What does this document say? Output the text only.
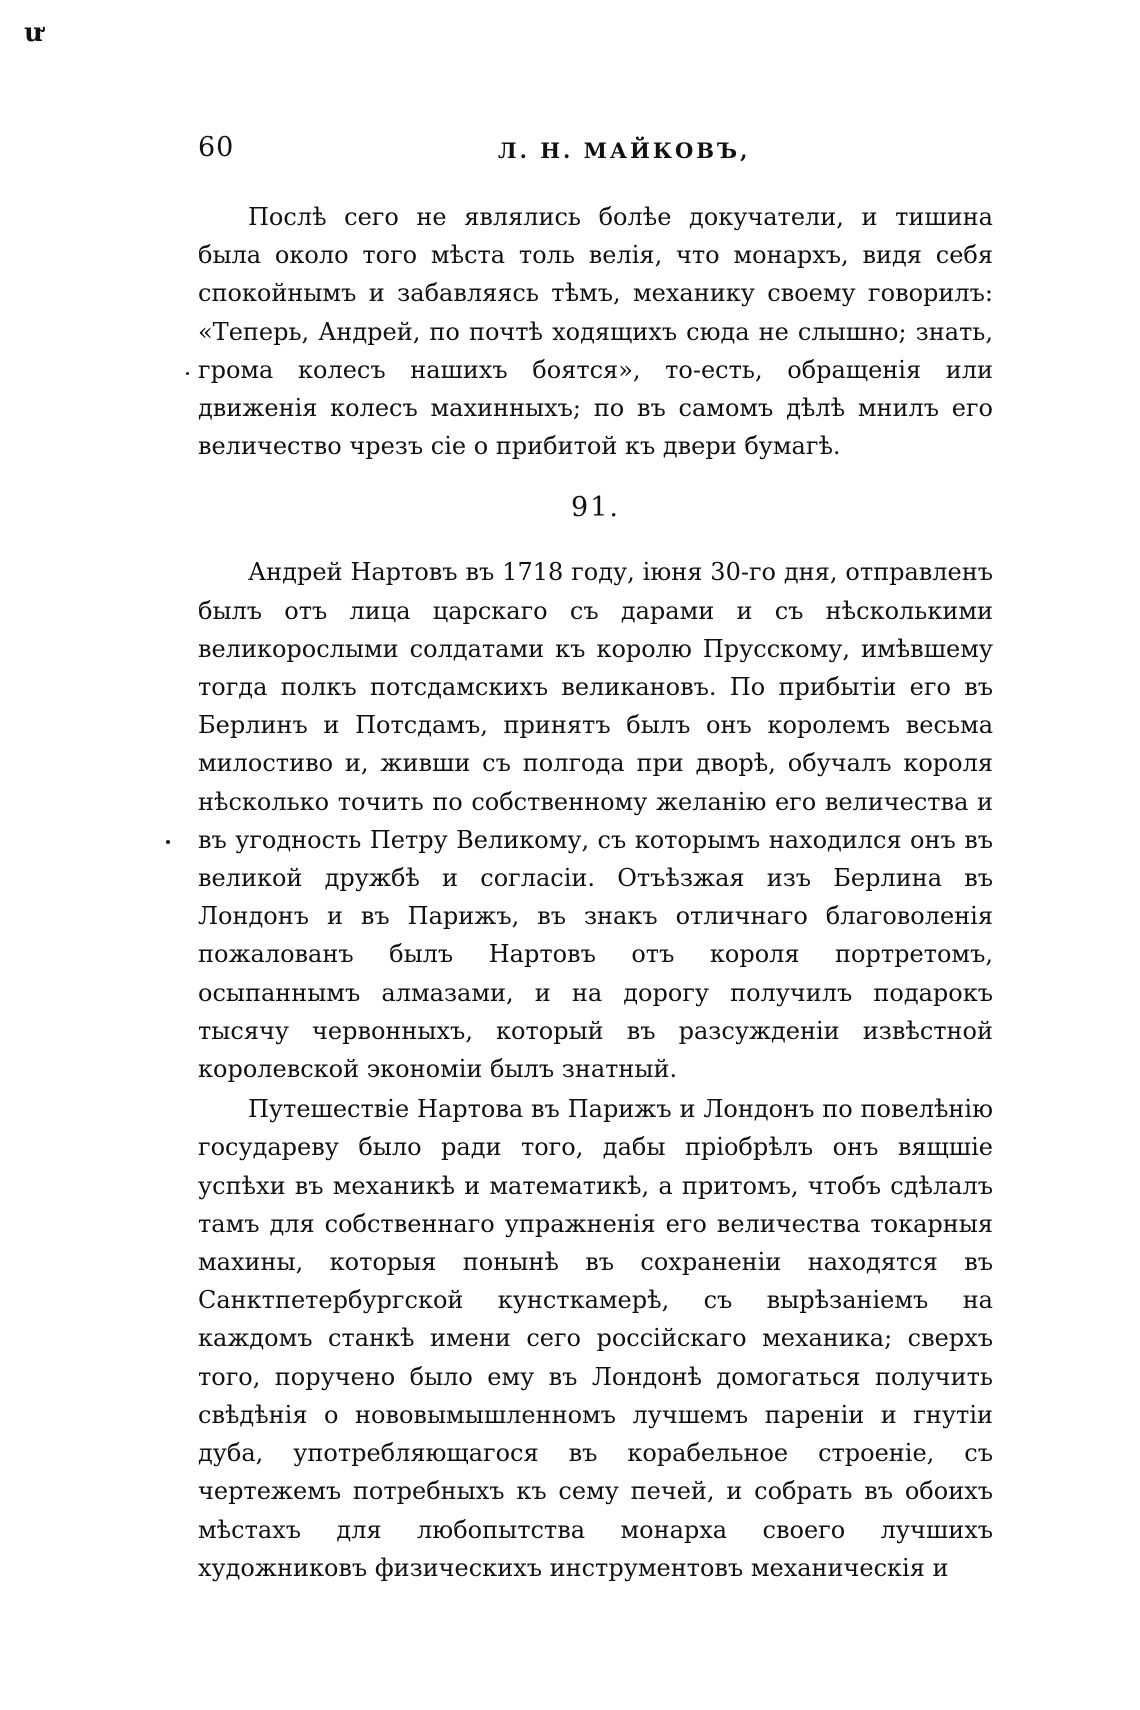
ư
60	Л. Н. МАЙКОВЪ,

Послѣ сего не являлись болѣе докучатели, и тишина была около того мѣста толь велія, что монархъ, видя себя спокойнымъ и забавляясь тѣмъ, механику своему говорилъ: «Теперь, Андрей, по почтѣ ходящихъ сюда не слышно; знать, грома колесъ нашихъ боятся», то-есть, обращенія или движенія колесъ махинныхъ; по въ самомъ дѣлѣ мнилъ его величество чрезъ сіе о прибитой къ двери бумагѣ.

91.

Андрей Нартовъ въ 1718 году, іюня 30-го дня, отправленъ былъ отъ лица царскаго съ дарами и съ нѣсколькими великорослыми солдатами къ королю Прусскому, имѣвшему тогда полкъ потсдамскихъ великановъ. По прибытіи его въ Берлинъ и Потсдамъ, принятъ былъ онъ королемъ весьма милостиво и, живши съ полгода при дворѣ, обучалъ короля нѣсколько точить по собственному желанію его величества и въ угодность Петру Великому, съ которымъ находился онъ въ великой дружбѣ и согласіи. Отъѣзжая изъ Берлина въ Лондонъ и въ Парижъ, въ знакъ отличнаго благоволенія пожалованъ былъ Нартовъ отъ короля портретомъ, осыпаннымъ алмазами, и на дорогу получилъ подарокъ тысячу червонныхъ, который въ разсужденіи извѣстной королевской экономіи былъ знатный.

Путешествіе Нартова въ Парижъ и Лондонъ по повелѣнію государеву было ради того, дабы пріобрѣлъ онъ вящшіе успѣхи въ механикѣ и математикѣ, а притомъ, чтобъ сдѣлалъ тамъ для собственнаго упражненія его величества токарныя махины, которыя понынѣ въ сохраненіи находятся въ Санктпетербургской кунсткамерѣ, съ вырѣзаніемъ на каждомъ станкѣ имени сего россійскаго механика; сверхъ того, поручено было ему въ Лондонѣ домогаться получить свѣдѣнія о нововымышленномъ лучшемъ пареніи и гнутіи дуба, употребляющагося въ корабельное строеніе, съ чертежемъ потребныхъ къ сему печей, и собрать въ обоихъ мѣстахъ для любопытства монарха своего лучшихъ художниковъ физическихъ инструментовъ механическія и
